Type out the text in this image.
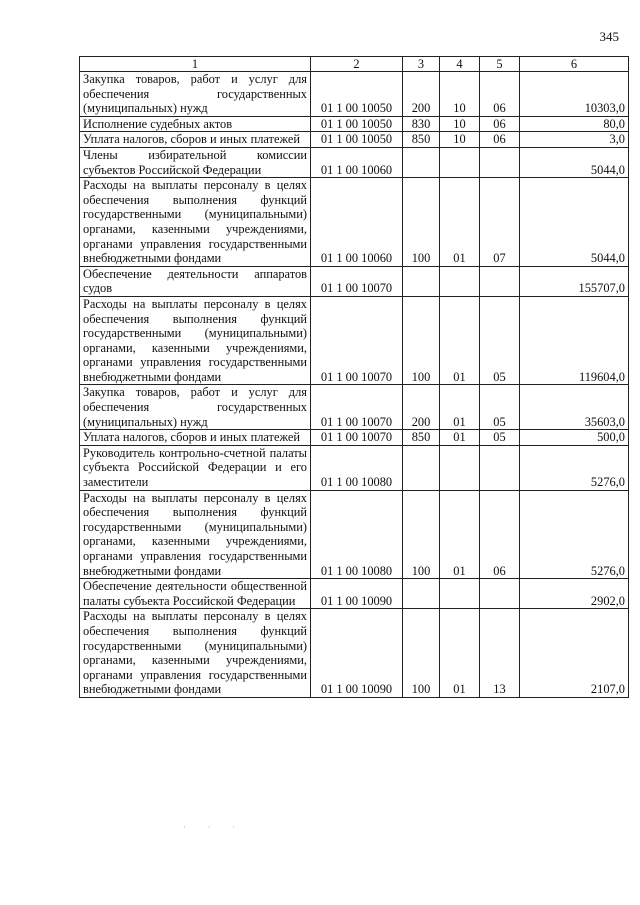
345
1	2	3	4	5	6
Закупка товаров, работ и услуг для обеспечения государственных (муниципальных) нужд	01 1 00 10050	200	10	06	10303,0
Исполнение судебных актов	01 1 00 10050	830	10	06	80,0
Уплата налогов, сборов и иных платежей	01 1 00 10050	850	10	06	3,0
Члены избирательной комиссии субъектов Российской Федерации	01 1 00 10060				5044,0
Расходы на выплаты персоналу в целях обеспечения выполнения функций государственными (муниципальными) органами, казенными учреждениями, органами управления государственными внебюджетными фондами	01 1 00 10060	100	01	07	5044,0
Обеспечение деятельности аппаратов судов	01 1 00 10070				155707,0
Расходы на выплаты персоналу в целях обеспечения выполнения функций государственными (муниципальными) органами, казенными учреждениями, органами управления государственными внебюджетными фондами	01 1 00 10070	100	01	05	119604,0
Закупка товаров, работ и услуг для обеспечения государственных (муниципальных) нужд	01 1 00 10070	200	01	05	35603,0
Уплата налогов, сборов и иных платежей	01 1 00 10070	850	01	05	500,0
Руководитель контрольно-счетной палаты субъекта Российской Федерации и его заместители	01 1 00 10080				5276,0
Расходы на выплаты персоналу в целях обеспечения выполнения функций государственными (муниципальными) органами, казенными учреждениями, органами управления государственными внебюджетными фондами	01 1 00 10080	100	01	06	5276,0
Обеспечение деятельности общественной палаты субъекта Российской Федерации	01 1 00 10090				2902,0
Расходы на выплаты персоналу в целях обеспечения выполнения функций государственными (муниципальными) органами, казенными учреждениями, органами управления государственными внебюджетными фондами	01 1 00 10090	100	01	13	2107,0
· · ·
